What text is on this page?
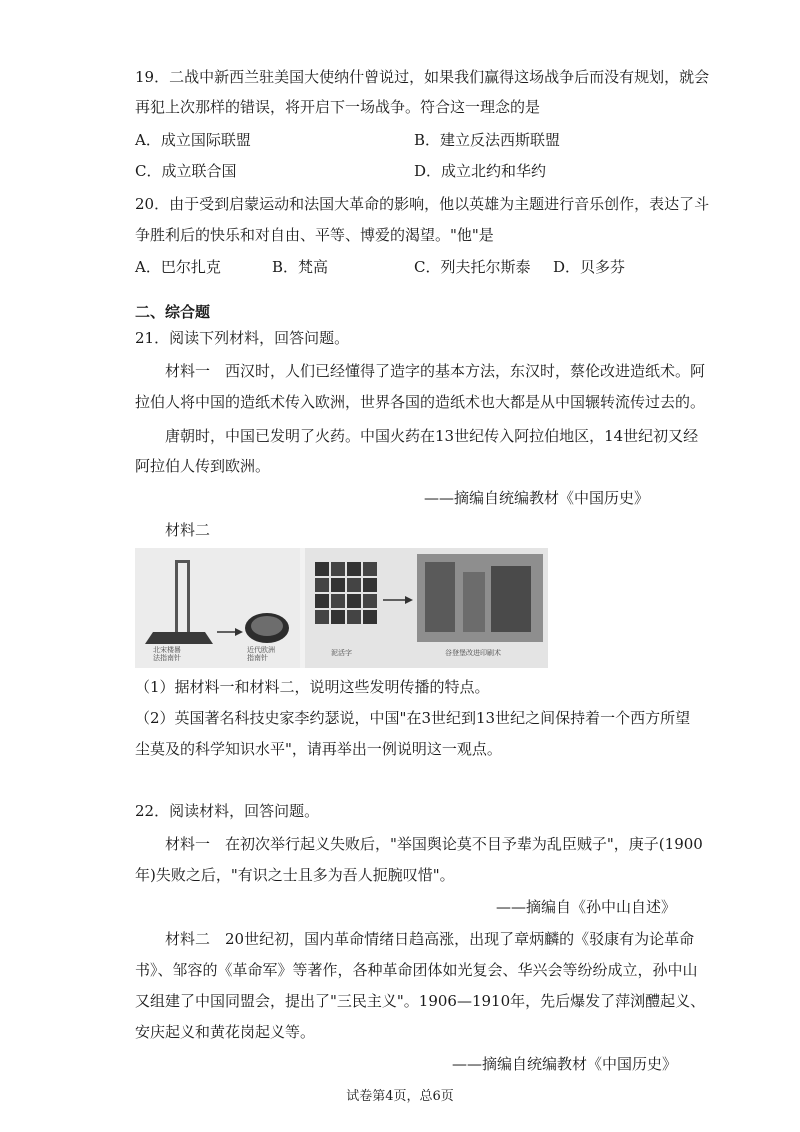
19．二战中新西兰驻美国大使纳什曾说过，如果我们赢得这场战争后而没有规划，就会
再犯上次那样的错误，将开启下一场战争。符合这一理念的是
A．成立国际联盟	B．建立反法西斯联盟
C．成立联合国	D．成立北约和华约
20．由于受到启蒙运动和法国大革命的影响，他以英雄为主题进行音乐创作，表达了斗
争胜利后的快乐和对自由、平等、博爱的渴望。"他"是
A．巴尔扎克	B．梵高	C．列夫托尔斯泰 D．贝多芬
二、综合题
21．阅读下列材料，回答问题。
材料一　西汉时，人们已经懂得了造字的基本方法，东汉时，蔡伦改进造纸术。阿
拉伯人将中国的造纸术传入欧洲，世界各国的造纸术也大都是从中国辗转流传过去的。
唐朝时，中国已发明了火药。中国火药在13世纪传入阿拉伯地区，14世纪初又经
阿拉伯人传到欧洲。
——摘编自统编教材《中国历史》
材料二
北宋楼晷
法指南针
近代欧洲
指南针
泥活字	谷登堡改进印刷术
（1）据材料一和材料二，说明这些发明传播的特点。
（2）英国著名科技史家李约瑟说，中国"在3世纪到13世纪之间保持着一个西方所望
尘莫及的科学知识水平"，请再举出一例说明这一观点。
22．阅读材料，回答问题。
材料一　在初次举行起义失败后，"举国舆论莫不目予辈为乱臣贼子"，庚子(1900
年)失败之后，"有识之士且多为吾人扼腕叹惜"。
——摘编自《孙中山自述》
材料二　20世纪初，国内革命情绪日趋高涨，出现了章炳麟的《驳康有为论革命
书》、邹容的《革命军》等著作，各种革命团体如光复会、华兴会等纷纷成立，孙中山
又组建了中国同盟会，提出了"三民主义"。1906—1910年，先后爆发了萍浏醴起义、
安庆起义和黄花岗起义等。
——摘编自统编教材《中国历史》
试卷第4页，总6页
